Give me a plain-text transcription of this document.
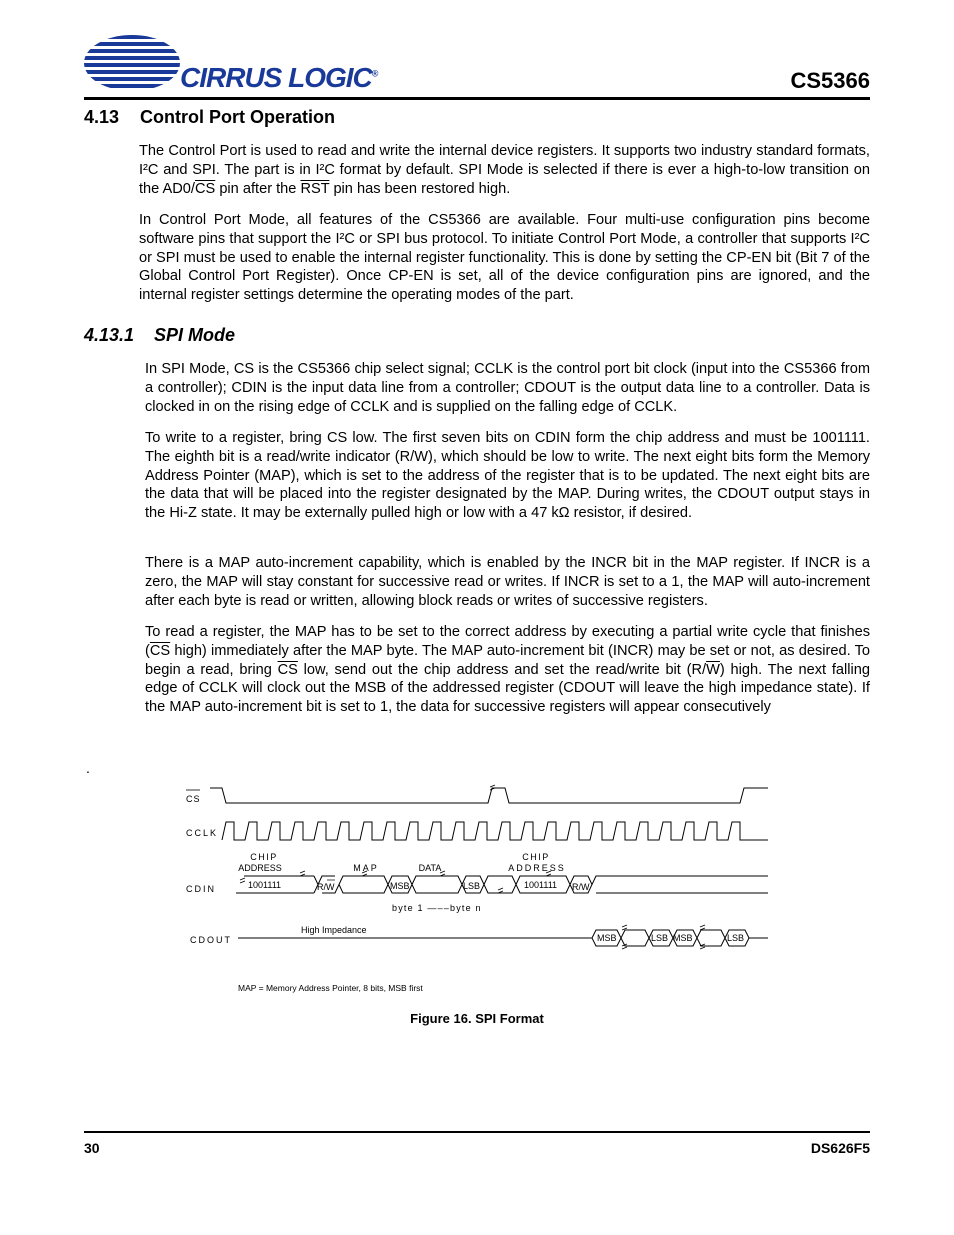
CIRRUS LOGIC®	CS5366
4.13 Control Port Operation

The Control Port is used to read and write the internal device registers. It supports two industry standard formats, I²C and SPI. The part is in I²C format by default. SPI Mode is selected if there is ever a high-to-low transition on the $AD0/\overline{CS}$ pin after the $\overline{RST}$ pin has been restored high.

In Control Port Mode, all features of the CS5366 are available. Four multi-use configuration pins become software pins that support the I²C or SPI bus protocol. To initiate Control Port Mode, a controller that supports I²C or SPI must be used to enable the internal register functionality. This is done by setting the CP-EN bit (Bit 7 of the Global Control Port Register). Once CP-EN is set, all of the device configuration pins are ignored, and the internal register settings determine the operating modes of the part.

4.13.1 SPI Mode

In SPI Mode, CS is the CS5366 chip select signal; CCLK is the control port bit clock (input into the CS5366 from a controller); CDIN is the input data line from a controller; CDOUT is the output data line to a controller. Data is clocked in on the rising edge of CCLK and is supplied on the falling edge of CCLK.

To write to a register, bring CS low. The first seven bits on CDIN form the chip address and must be 1001111. The eighth bit is a read/write indicator (R/W), which should be low to write. The next eight bits form the Memory Address Pointer (MAP), which is set to the address of the register that is to be updated. The next eight bits are the data that will be placed into the register designated by the MAP. During writes, the CDOUT output stays in the Hi-Z state. It may be externally pulled high or low with a 47 kΩ resistor, if desired.

There is a MAP auto-increment capability, which is enabled by the INCR bit in the MAP register. If INCR is a zero, the MAP will stay constant for successive read or writes. If INCR is set to a 1, the MAP will auto-increment after each byte is read or written, allowing block reads or writes of successive registers.

To read a register, the MAP has to be set to the correct address by executing a partial write cycle that finishes ($\overline{CS}$ high) immediately after the MAP byte. The MAP auto-increment bit (INCR) may be set or not, as desired. To begin a read, bring $\overline{CS}$ low, send out the chip address and set the read/write bit $(R/\overline{W})$ high. The next falling edge of CCLK will clock out the MSB of the addressed register (CDOUT will leave the high impedance state). If the MAP auto-increment bit is set to 1, the data for successive registers will appear consecutively

.
CS
CCLK
CDIN
CDOUT
CHIP
ADDRESS	MAP	DATA
CHIP
ADDRESS
1001111	R/W	MSB	LSB	1001111 R/W
byte 1 —––byte n
High Impedance
MSB	LSB MSB	LSB
MAP = Memory Address Pointer, 8 bits, MSB first
Figure 16. SPI Format
30	DS626F5
